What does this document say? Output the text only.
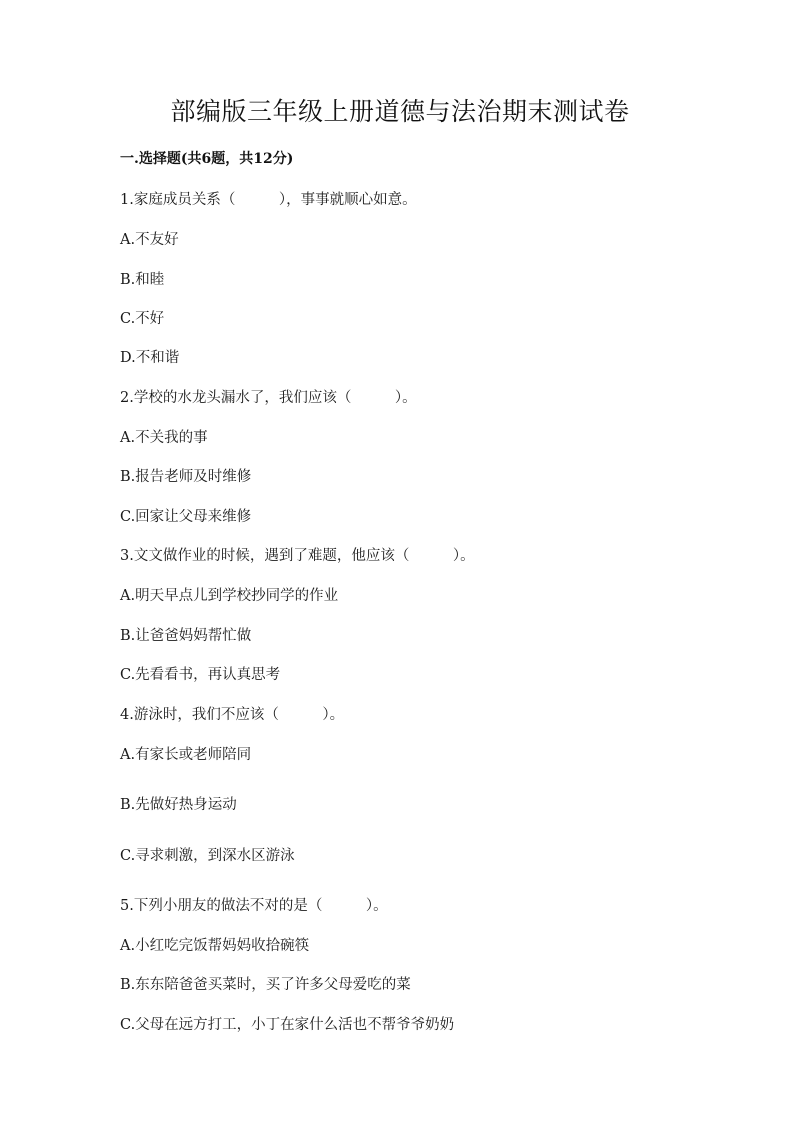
部编版三年级上册道德与法治期末测试卷
一.选择题(共6题，共12分)
1.家庭成员关系（　　　），事事就顺心如意。
A.不友好
B.和睦
C.不好
D.不和谐
2.学校的水龙头漏水了，我们应该（　　　）。
A.不关我的事
B.报告老师及时维修
C.回家让父母来维修
3.文文做作业的时候，遇到了难题，他应该（　　　）。
A.明天早点儿到学校抄同学的作业
B.让爸爸妈妈帮忙做
C.先看看书，再认真思考
4.游泳时，我们不应该（　　　）。
A.有家长或老师陪同
B.先做好热身运动
C.寻求刺激，到深水区游泳
5.下列小朋友的做法不对的是（　　　）。
A.小红吃完饭帮妈妈收拾碗筷
B.东东陪爸爸买菜时，买了许多父母爱吃的菜
C.父母在远方打工，小丁在家什么活也不帮爷爷奶奶
